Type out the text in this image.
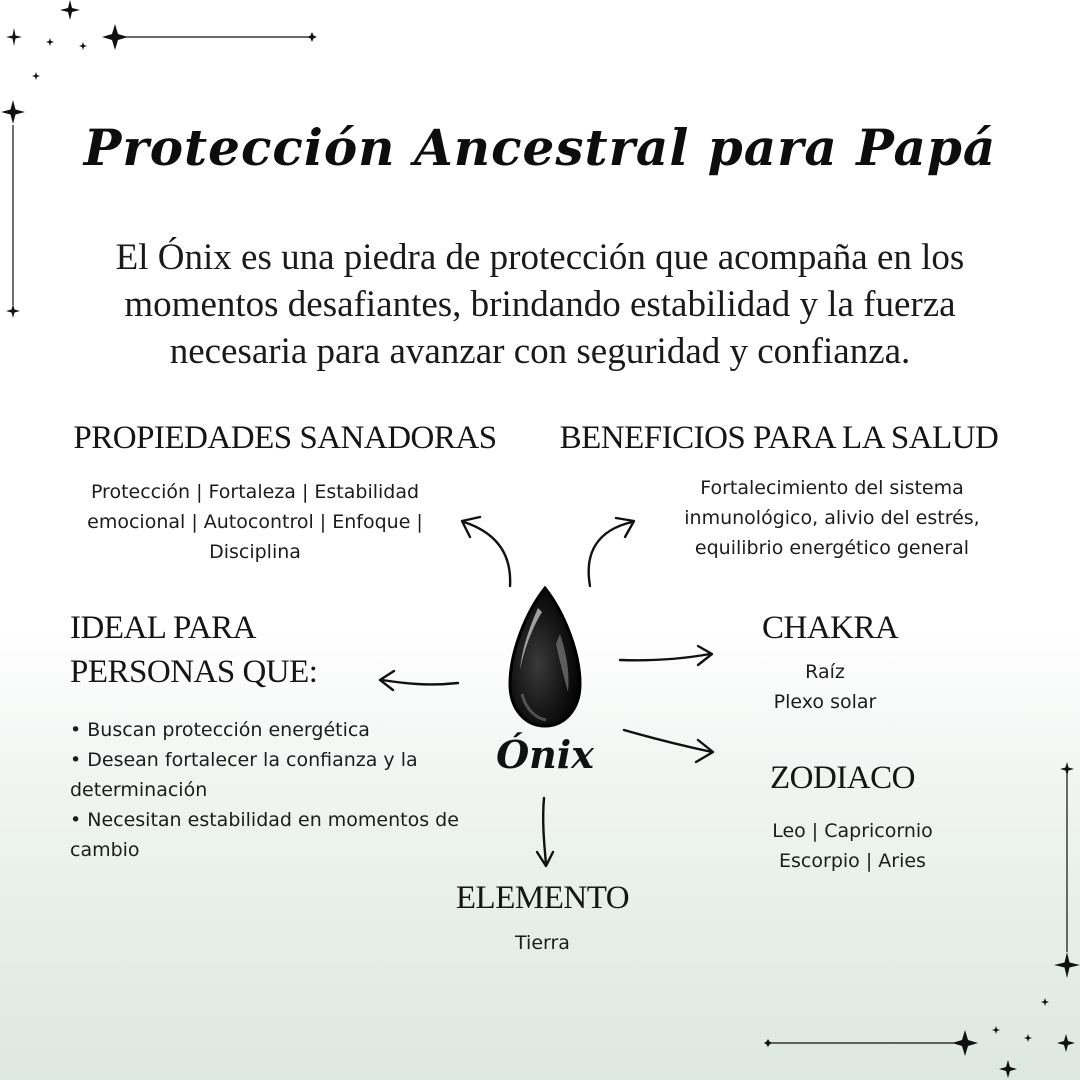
Protección Ancestral para Papá
El Ónix es una piedra de protección que acompaña en los momentos desafiantes, brindando estabilidad y la fuerza necesaria para avanzar con seguridad y confianza.
PROPIEDADES SANADORAS
Protección | Fortaleza | Estabilidad emocional | Autocontrol | Enfoque | Disciplina
BENEFICIOS PARA LA SALUD
Fortalecimiento del sistema inmunológico, alivio del estrés, equilibrio energético general
IDEAL PARA
PERSONAS QUE:
• Buscan protección energética
• Desean fortalecer la confianza y la determinación
• Necesitan estabilidad en momentos de cambio
CHAKRA
Raíz
Plexo solar
ZODIACO
Leo | Capricornio
Escorpio | Aries
ELEMENTO
Tierra
Ónix
